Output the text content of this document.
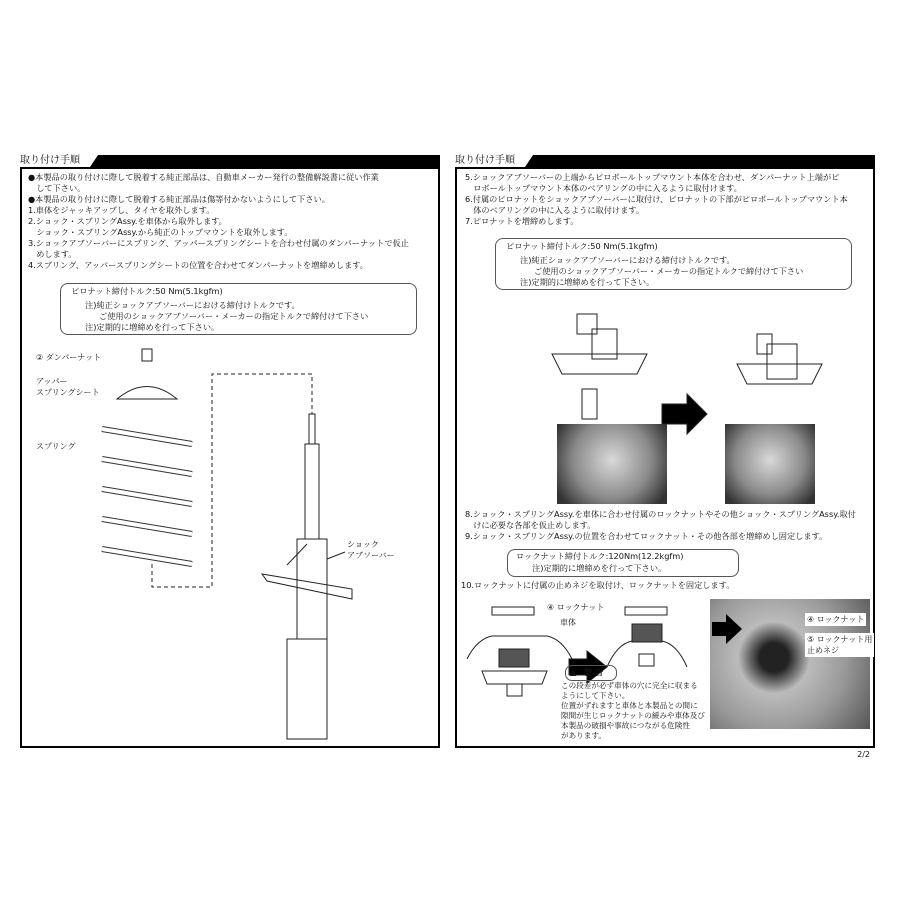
取り付け手順
●本製品の取り付けに際して脱着する純正部品は、自動車メーカー発行の整備解説書に従い作業
　して下さい。
●本製品の取り付けに際して脱着する純正部品は傷等付かないようにして下さい。
1.車体をジャッキアップし、タイヤを取外します。
2.ショック・スプリングAssy.を車体から取外します。
　ショック・スプリングAssy.から純正のトップマウントを取外します。
3.ショックアブソーバーにスプリング、アッパースプリングシートを合わせ付属のダンパーナットで仮止
　めします。
4.スプリング、アッパースプリングシートの位置を合わせてダンパーナットを増締めします。
ピロナット締付トルク:50 Nm(5.1kgfm)
注)純正ショックアブソーバーにおける締付けトルクです。
ご使用のショックアブソーバー・メーカーの指定トルクで締付けて下さい
注)定期的に増締めを行って下さい。
② ダンパーナット
アッパー
スプリングシート
スプリング
ショック
アブソーバー
取り付け手順
5.ショックアブソーバーの上端からピロボールトップマウント本体を合わせ、ダンパーナット上端がピ
　ロボールトップマウント本体のベアリングの中に入るように取付けます。
6.付属のピロナットをショックアブソーバーに取付け、ピロナットの下部がピロボールトップマウント本
　体のベアリングの中に入るように取付けます。
7.ピロナットを増締めします。
ピロナット締付トルク:50 Nm(5.1kgfm)
注)純正ショックアブソーバーにおける締付けトルクです。
ご使用のショックアブソーバー・メーカーの指定トルクで締付けて下さい
注)定期的に増締めを行って下さい。
8.ショック・スプリングAssy.を車体に合わせ付属のロックナットやその他ショック・スプリングAssy.取付
　けに必要な各部を仮止めします。
9.ショック・スプリングAssy.の位置を合わせてロックナット・その他各部を増締めし固定します。
ロックナット締付トルク:120Nm(12.2kgfm)
注)定期的に増締めを行って下さい。
10.ロックナットに付属の止めネジを取付け、ロックナットを固定します。
④ ロックナット
車体	④ ロックナット
⑤ ロックナット用
止めネジ
▲ 警 告
この段差が必ず車体の穴に完全に収まる
ようにして下さい。
位置がずれますと車体と本製品との間に
隙間が生じロックナットの緩みや車体及び
本製品の破損や事故につながる危険性
があります。
2/2
